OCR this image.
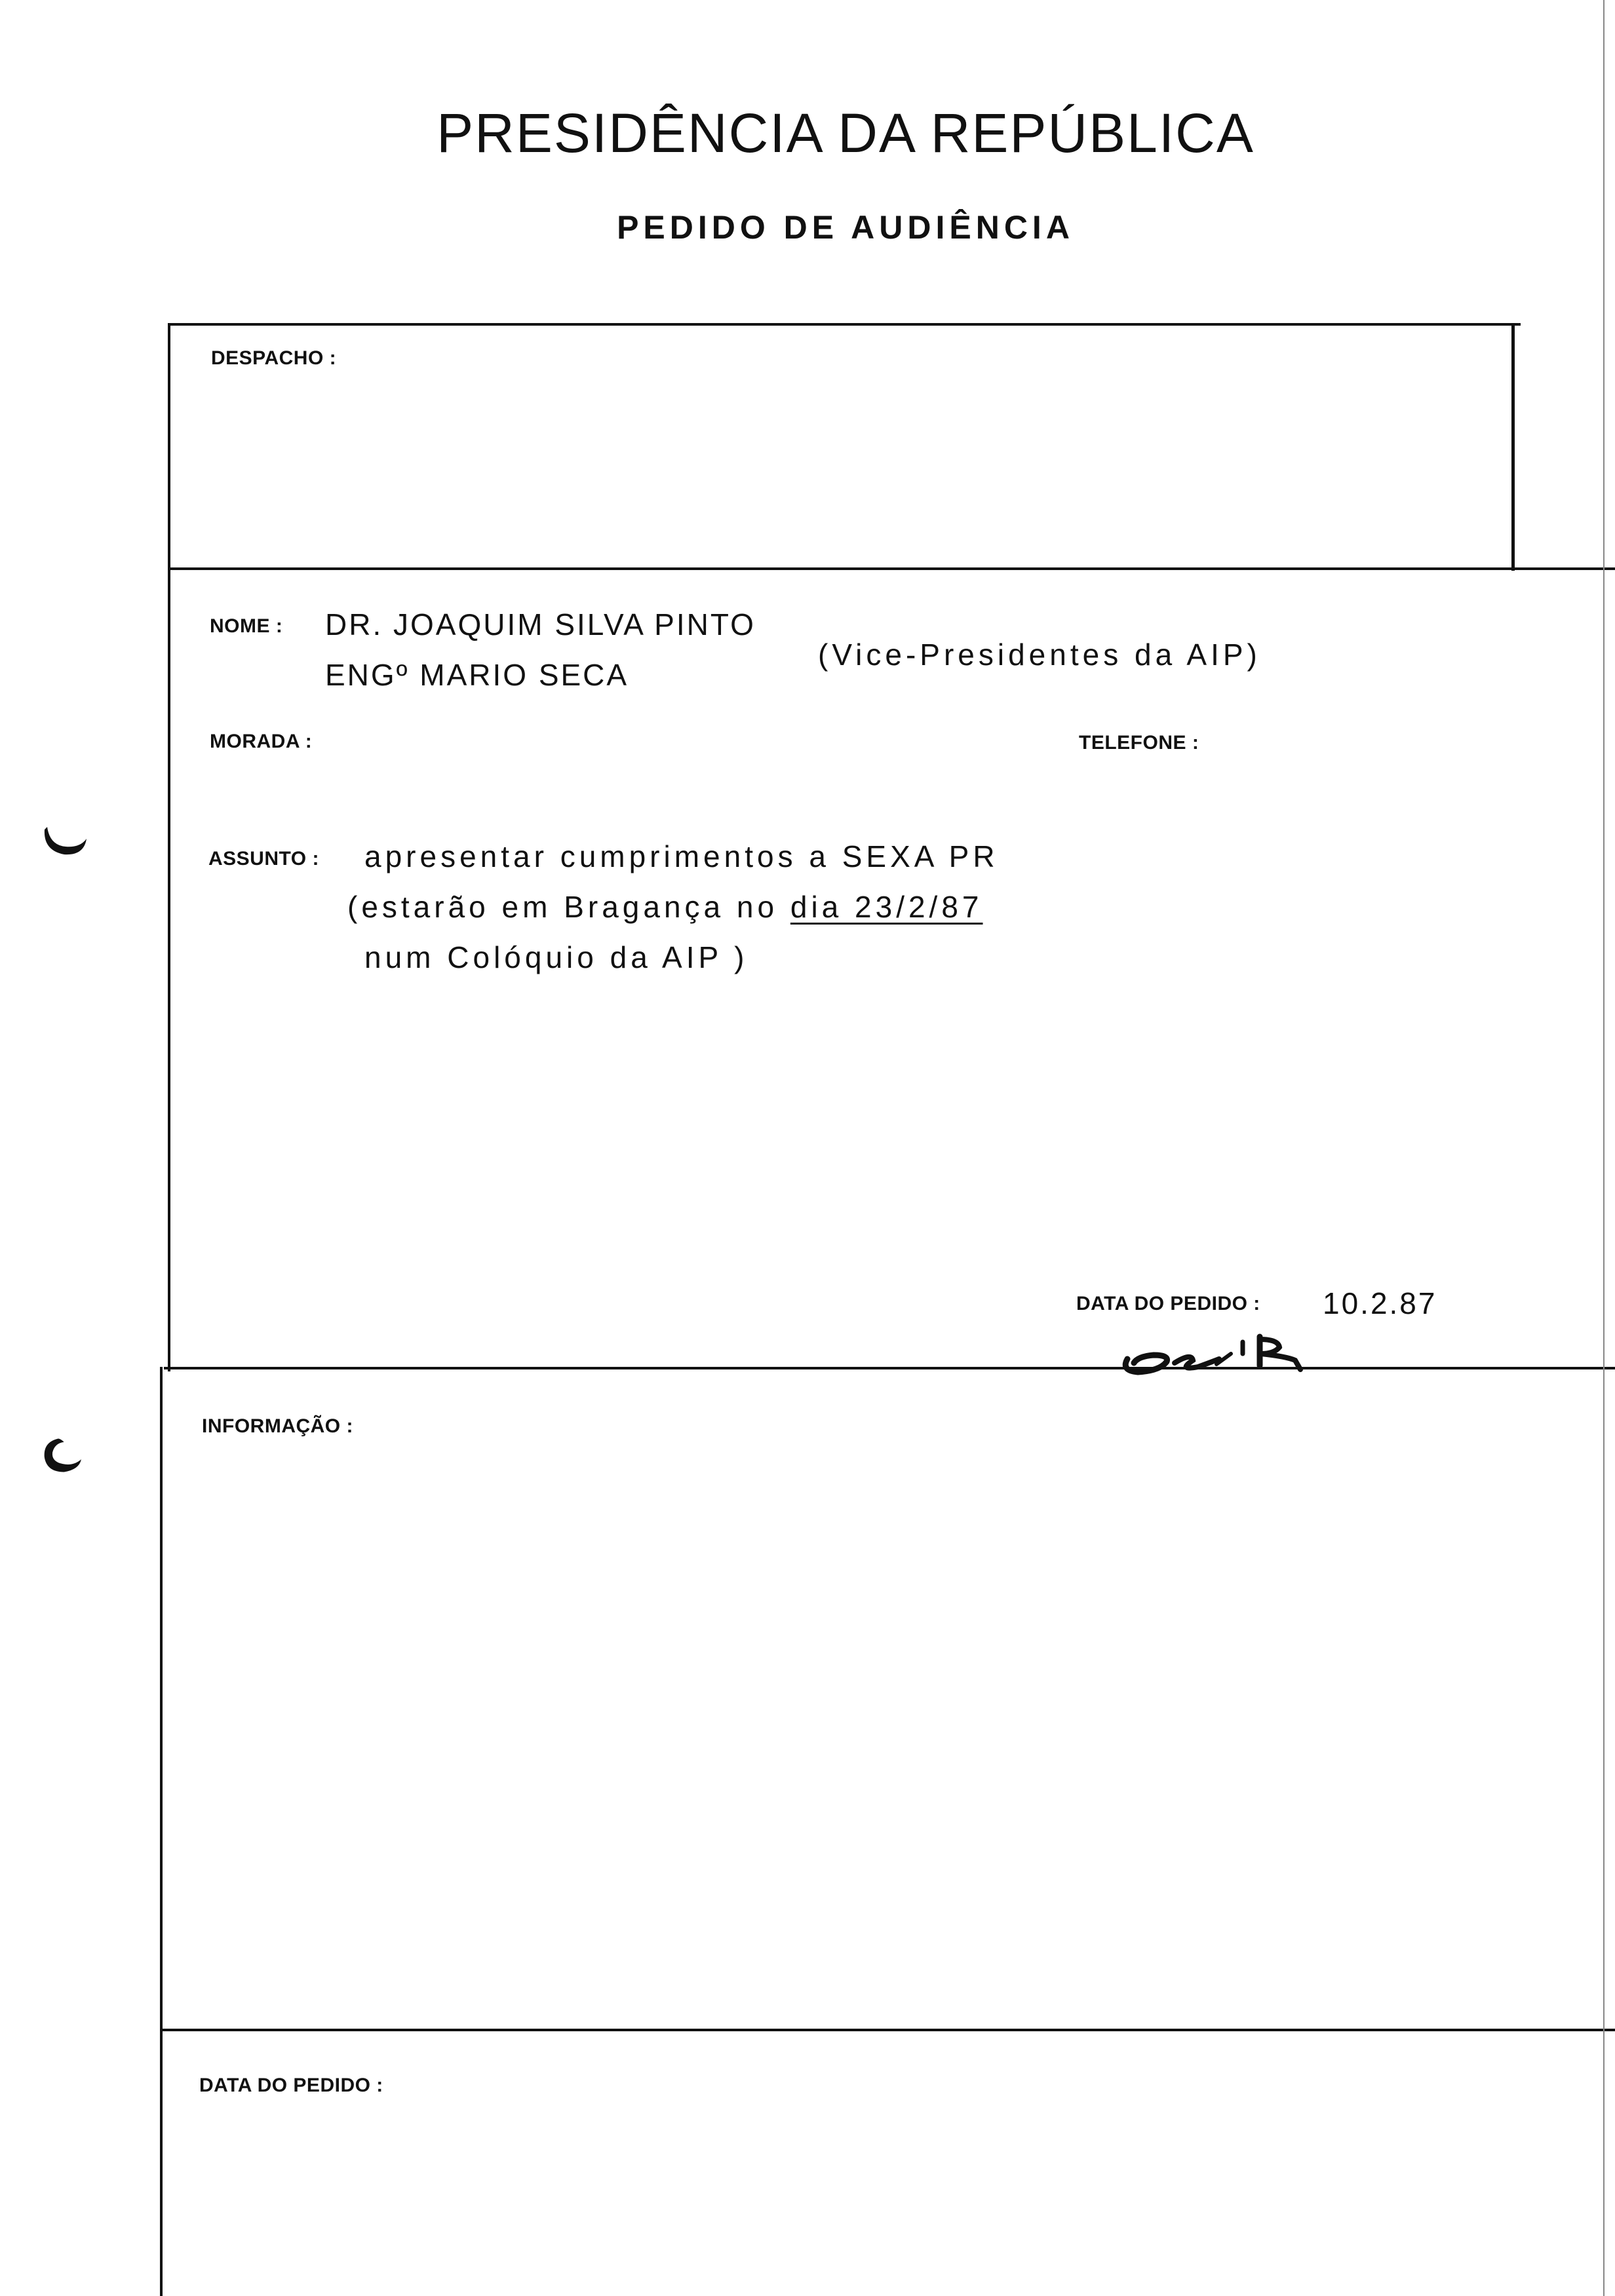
PRESIDÊNCIA DA REPÚBLICA
PEDIDO DE AUDIÊNCIA
DESPACHO :
NOME : DR. JOAQUIM SILVA PINTO
ENGº MARIO SECA
(Vice-Presidentes da AIP)
MORADA :	TELEFONE :
ASSUNTO : apresentar cumprimentos a SEXA PR
(estarão em Bragança no dia 23/2/87
num Colóquio da AIP )
DATA DO PEDIDO : 10.2.87
INFORMAÇÃO :
DATA DO PEDIDO :
